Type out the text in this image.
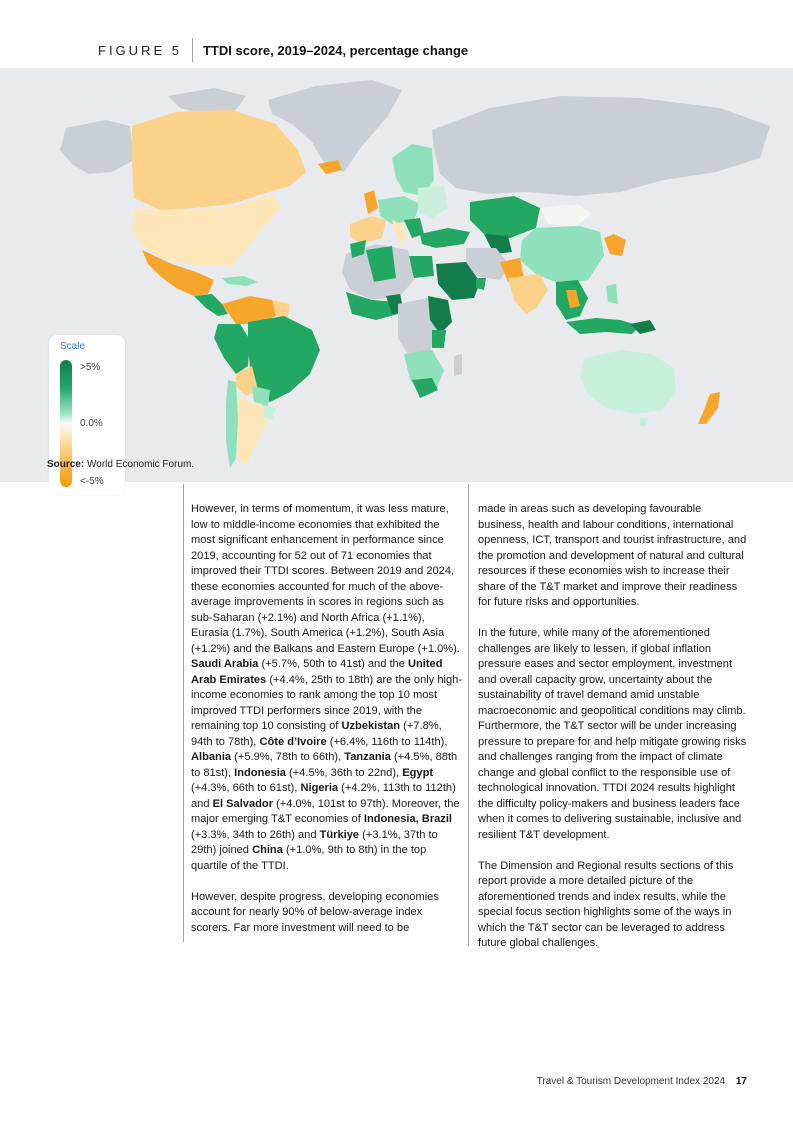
FIGURE 5	TTDI score, 2019–2024, percentage change
Scale
>5%
0.0%
<-5%
Source: World Economic Forum.

However, in terms of momentum, it was less mature, low to middle-income economies that exhibited the most significant enhancement in performance since 2019, accounting for 52 out of 71 economies that improved their TTDI scores. Between 2019 and 2024, these economies accounted for much of the above-average improvements in scores in regions such as sub-Saharan (+2.1%) and North Africa (+1.1%), Eurasia (1.7%), South America (+1.2%), South Asia (+1.2%) and the Balkans and Eastern Europe (+1.0%). Saudi Arabia (+5.7%, 50th to 41st) and the United Arab Emirates (+4.4%, 25th to 18th) are the only high-income economies to rank among the top 10 most improved TTDI performers since 2019, with the remaining top 10 consisting of Uzbekistan (+7.8%, 94th to 78th), Côte d’Ivoire (+6.4%, 116th to 114th), Albania (+5.9%, 78th to 66th), Tanzania (+4.5%, 88th to 81st), Indonesia (+4.5%, 36th to 22nd), Egypt (+4.3%, 66th to 61st), Nigeria (+4.2%, 113th to 112th) and El Salvador (+4.0%, 101st to 97th). Moreover, the major emerging T&T economies of Indonesia, Brazil (+3.3%, 34th to 26th) and Türkiye (+3.1%, 37th to 29th) joined China (+1.0%, 9th to 8th) in the top quartile of the TTDI.

However, despite progress, developing economies account for nearly 90% of below-average index scorers. Far more investment will need to be

made in areas such as developing favourable business, health and labour conditions, international openness, ICT, transport and tourist infrastructure, and the promotion and development of natural and cultural resources if these economies wish to increase their share of the T&T market and improve their readiness for future risks and opportunities.

In the future, while many of the aforementioned challenges are likely to lessen, if global inflation pressure eases and sector employment, investment and overall capacity grow, uncertainty about the sustainability of travel demand amid unstable macroeconomic and geopolitical conditions may climb. Furthermore, the T&T sector will be under increasing pressure to prepare for and help mitigate growing risks and challenges ranging from the impact of climate change and global conflict to the responsible use of technological innovation. TTDI 2024 results highlight the difficulty policy-makers and business leaders face when it comes to delivering sustainable, inclusive and resilient T&T development.

The Dimension and Regional results sections of this report provide a more detailed picture of the aforementioned trends and index results, while the special focus section highlights some of the ways in which the T&T sector can be leveraged to address future global challenges.

Travel & Tourism Development Index 2024 17
